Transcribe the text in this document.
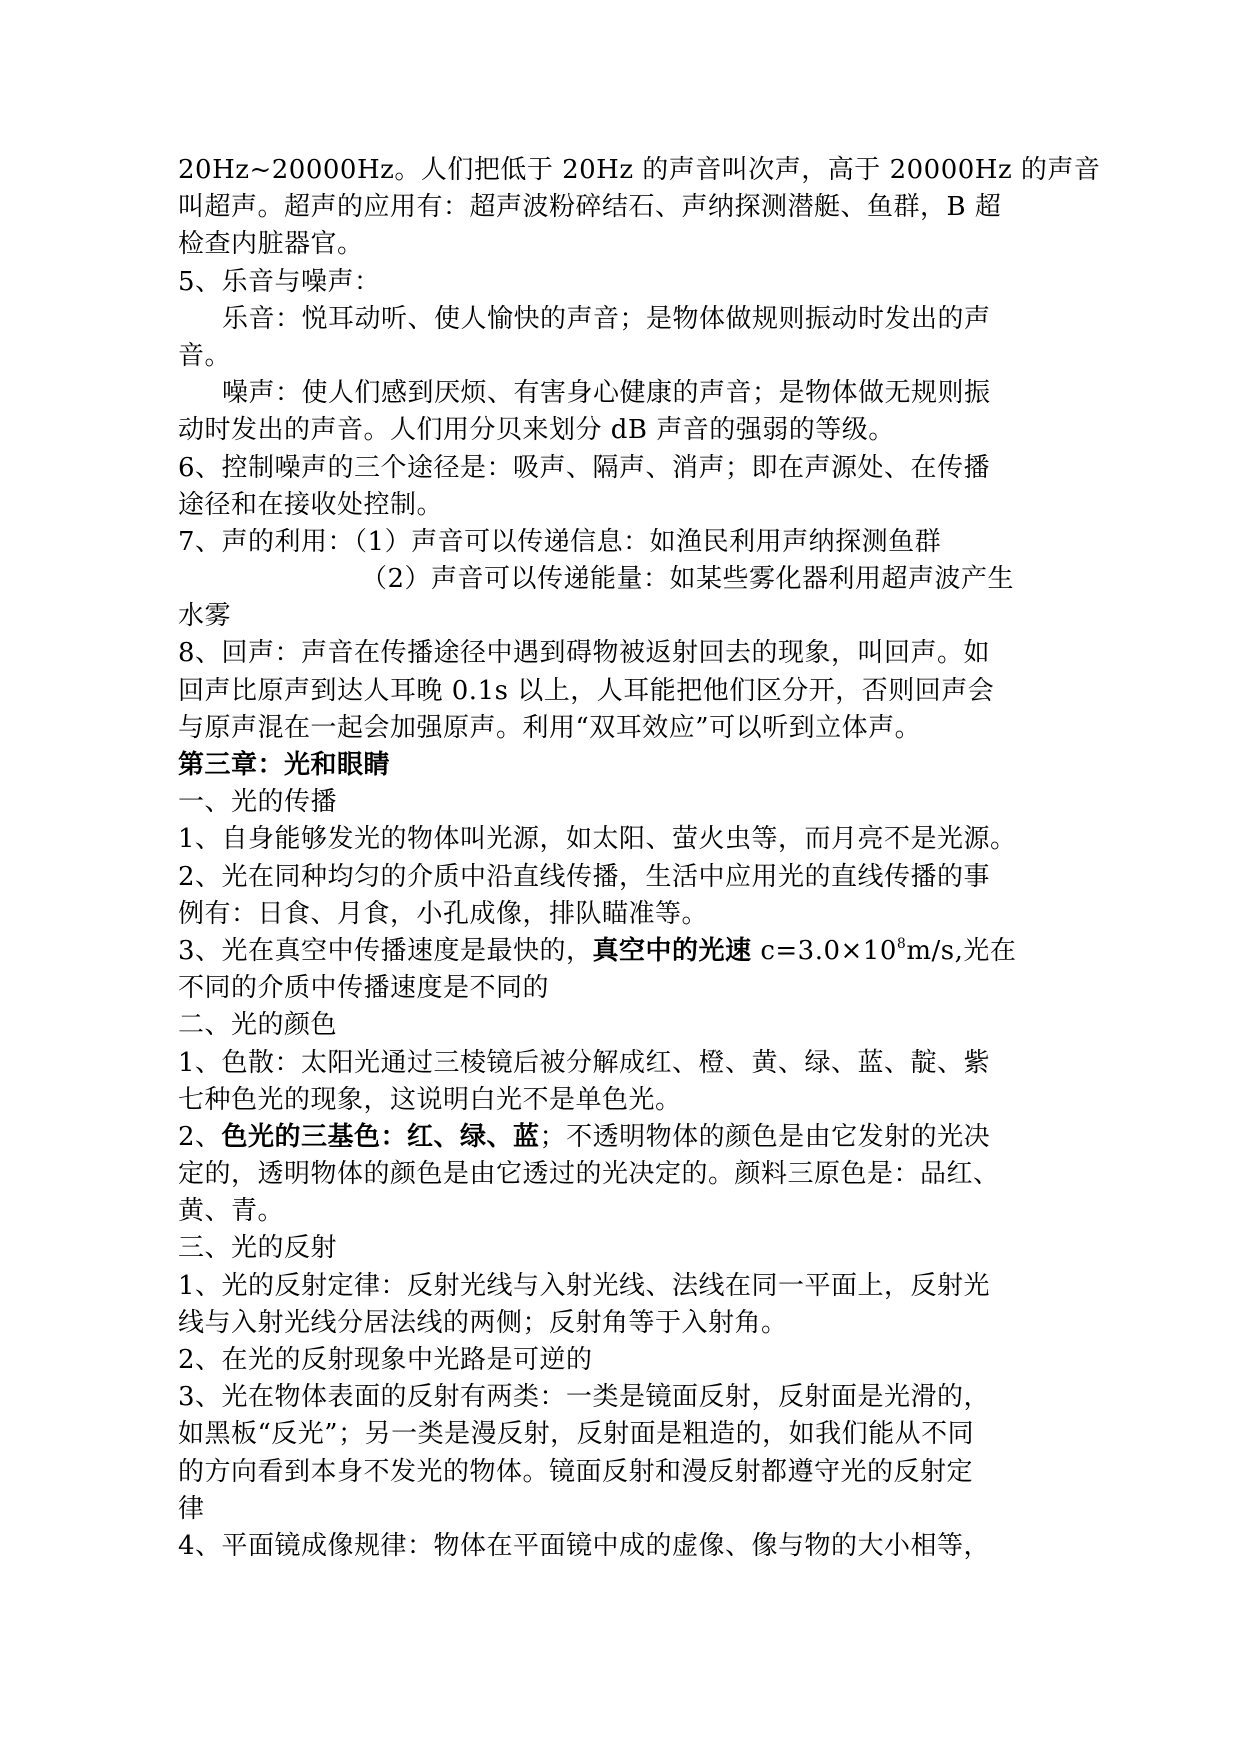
20Hz~20000Hz。人们把低于 20Hz 的声音叫次声，高于 20000Hz 的声音
叫超声。超声的应用有：超声波粉碎结石、声纳探测潜艇、鱼群，B 超
检查内脏器官。
5、乐音与噪声：
乐音：悦耳动听、使人愉快的声音；是物体做规则振动时发出的声
音。
噪声：使人们感到厌烦、有害身心健康的声音；是物体做无规则振
动时发出的声音。人们用分贝来划分 dB 声音的强弱的等级。
6、控制噪声的三个途径是：吸声、隔声、消声；即在声源处、在传播
途径和在接收处控制。
7、声的利用：（1）声音可以传递信息：如渔民利用声纳探测鱼群
（2）声音可以传递能量：如某些雾化器利用超声波产生
水雾
8、回声：声音在传播途径中遇到碍物被返射回去的现象，叫回声。如
回声比原声到达人耳晚 0.1s 以上，人耳能把他们区分开，否则回声会
与原声混在一起会加强原声。利用“双耳效应”可以听到立体声。
第三章：光和眼睛
一、光的传播
1、自身能够发光的物体叫光源，如太阳、萤火虫等，而月亮不是光源。
2、光在同种均匀的介质中沿直线传播，生活中应用光的直线传播的事
例有：日食、月食，小孔成像，排队瞄准等。
3、光在真空中传播速度是最快的，真空中的光速 $c=3.0\times 10^8m/s$,光在
不同的介质中传播速度是不同的
二、光的颜色
1、色散：太阳光通过三棱镜后被分解成红、橙、黄、绿、蓝、靛、紫
七种色光的现象，这说明白光不是单色光。
2、色光的三基色：红、绿、蓝；不透明物体的颜色是由它发射的光决
定的，透明物体的颜色是由它透过的光决定的。颜料三原色是：品红、
黄、青。
三、光的反射
1、光的反射定律：反射光线与入射光线、法线在同一平面上，反射光
线与入射光线分居法线的两侧；反射角等于入射角。
2、在光的反射现象中光路是可逆的
3、光在物体表面的反射有两类：一类是镜面反射，反射面是光滑的，
如黑板“反光”；另一类是漫反射，反射面是粗造的，如我们能从不同
的方向看到本身不发光的物体。镜面反射和漫反射都遵守光的反射定
律
4、平面镜成像规律：物体在平面镜中成的虚像、像与物的大小相等，
